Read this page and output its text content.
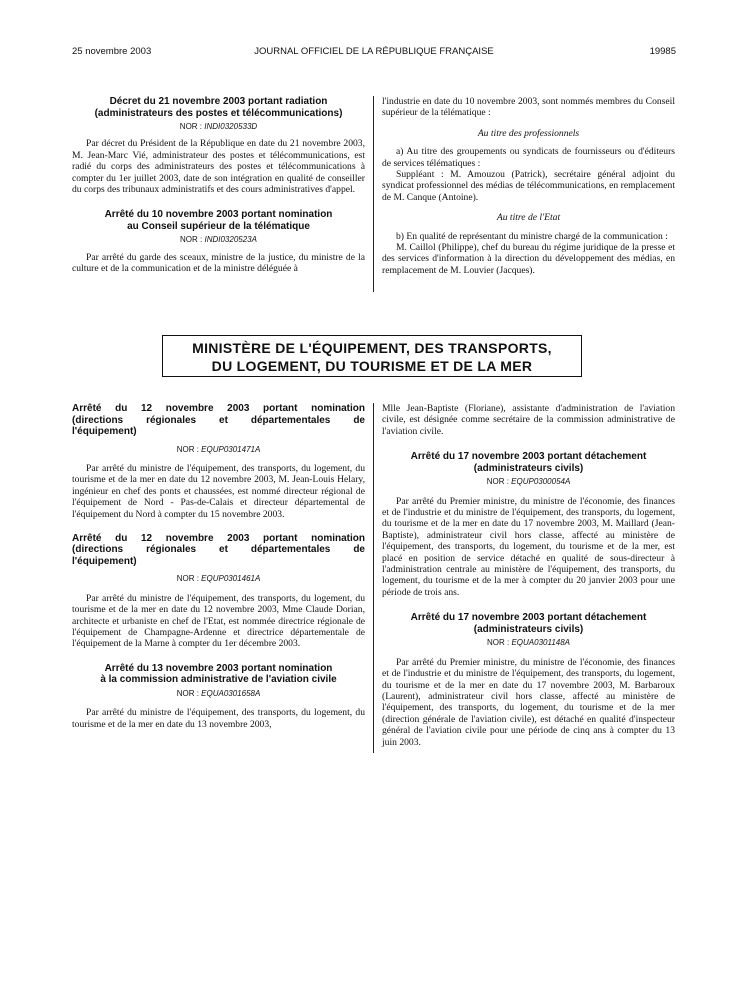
25 novembre 2003	JOURNAL OFFICIEL DE LA RÉPUBLIQUE FRANÇAISE	19985

Décret du 21 novembre 2003 portant radiation
(administrateurs des postes et télécommunications)

NOR : INDI0320533D

Par décret du Président de la République en date du 21 novembre 2003, M. Jean-Marc Vié, administrateur des postes et télécommunications, est radié du corps des administrateurs des postes et télécommunications à compter du 1er juillet 2003, date de son intégration en qualité de conseiller du corps des tribunaux administratifs et des cours administratives d'appel.

Arrêté du 10 novembre 2003 portant nomination
au Conseil supérieur de la télématique

NOR : INDI0320523A

Par arrêté du garde des sceaux, ministre de la justice, du ministre de la culture et de la communication et de la ministre déléguée à

l'industrie en date du 10 novembre 2003, sont nommés membres du Conseil supérieur de la télématique :

Au titre des professionnels

a) Au titre des groupements ou syndicats de fournisseurs ou d'éditeurs de services télématiques :

Suppléant : M. Amouzou (Patrick), secrétaire général adjoint du syndicat professionnel des médias de télécommunications, en remplacement de M. Canque (Antoine).

Au titre de l'Etat

b) En qualité de représentant du ministre chargé de la communication :

M. Caillol (Philippe), chef du bureau du régime juridique de la presse et des services d'information à la direction du développement des médias, en remplacement de M. Louvier (Jacques).

MINISTÈRE DE L'ÉQUIPEMENT, DES TRANSPORTS,
DU LOGEMENT, DU TOURISME ET DE LA MER

Arrêté du 12 novembre 2003 portant nomination
(directions régionales et départementales de

l'équipement)
NOR : EQUP0301471A

Par arrêté du ministre de l'équipement, des transports, du logement, du tourisme et de la mer en date du 12 novembre 2003, M. Jean-Louis Helary, ingénieur en chef des ponts et chaussées, est nommé directeur régional de l'équipement de Nord - Pas-de-Calais et directeur départemental de l'équipement du Nord à compter du 15 novembre 2003.

Arrêté du 12 novembre 2003 portant nomination
(directions régionales et départementales de

l'équipement)
NOR : EQUP0301461A

Par arrêté du ministre de l'équipement, des transports, du logement, du tourisme et de la mer en date du 12 novembre 2003, Mme Claude Dorian, architecte et urbaniste en chef de l'Etat, est nommée directrice régionale de l'équipement de Champagne-Ardenne et directrice départementale de l'équipement de la Marne à compter du 1er décembre 2003.

Arrêté du 13 novembre 2003 portant nomination
à la commission administrative de l'aviation civile

NOR : EQUA0301658A

Par arrêté du ministre de l'équipement, des transports, du logement, du tourisme et de la mer en date du 13 novembre 2003,

Mlle Jean-Baptiste (Floriane), assistante d'administration de l'aviation civile, est désignée comme secrétaire de la commission administrative de l'aviation civile.

Arrêté du 17 novembre 2003 portant détachement
(administrateurs civils)

NOR : EQUP0300054A

Par arrêté du Premier ministre, du ministre de l'économie, des finances et de l'industrie et du ministre de l'équipement, des transports, du logement, du tourisme et de la mer en date du 17 novembre 2003, M. Maillard (Jean-Baptiste), administrateur civil hors classe, affecté au ministère de l'équipement, des transports, du logement, du tourisme et de la mer, est placé en position de service détaché en qualité de sous-directeur à l'administration centrale au ministère de l'équipement, des transports, du logement, du tourisme et de la mer à compter du 20 janvier 2003 pour une période de trois ans.

Arrêté du 17 novembre 2003 portant détachement
(administrateurs civils)

NOR : EQUA0301148A

Par arrêté du Premier ministre, du ministre de l'économie, des finances et de l'industrie et du ministre de l'équipement, des transports, du logement, du tourisme et de la mer en date du 17 novembre 2003, M. Barbaroux (Laurent), administrateur civil hors classe, affecté au ministère de l'équipement, des transports, du logement, du tourisme et de la mer (direction générale de l'aviation civile), est détaché en qualité d'inspecteur général de l'aviation civile pour une période de cinq ans à compter du 13 juin 2003.
